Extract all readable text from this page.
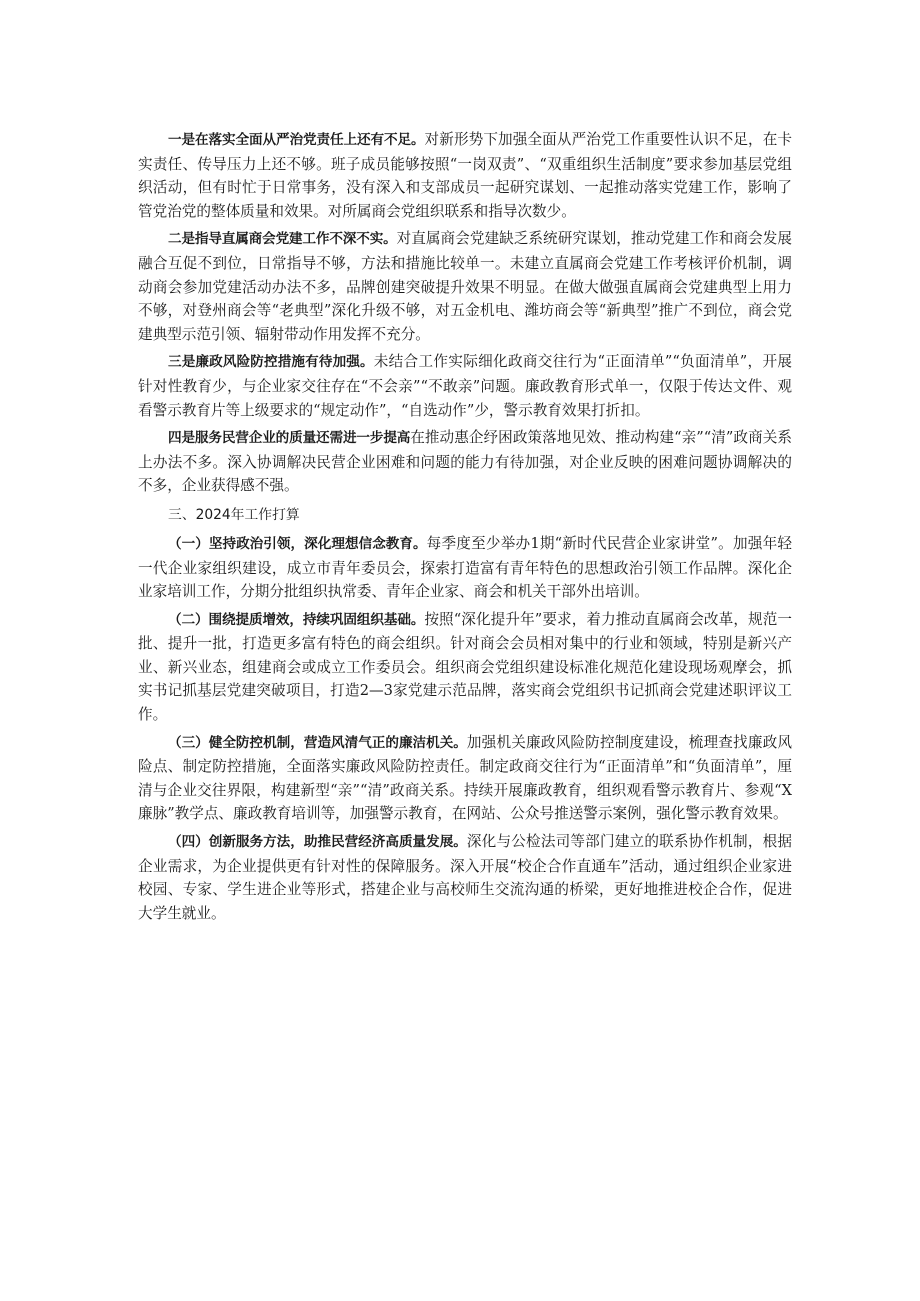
一是在落实全面从严治党责任上还有不足。对新形势下加强全面从严治党工作重要性认识不足，在卡实责任、传导压力上还不够。班子成员能够按照“一岗双责”、“双重组织生活制度”要求参加基层党组织活动，但有时忙于日常事务，没有深入和支部成员一起研究谋划、一起推动落实党建工作，影响了管党治党的整体质量和效果。对所属商会党组织联系和指导次数少。

二是指导直属商会党建工作不深不实。对直属商会党建缺乏系统研究谋划，推动党建工作和商会发展融合互促不到位，日常指导不够，方法和措施比较单一。未建立直属商会党建工作考核评价机制，调动商会参加党建活动办法不多，品牌创建突破提升效果不明显。在做大做强直属商会党建典型上用力不够，对登州商会等“老典型”深化升级不够，对五金机电、潍坊商会等“新典型”推广不到位，商会党建典型示范引领、辐射带动作用发挥不充分。

三是廉政风险防控措施有待加强。未结合工作实际细化政商交往行为“正面清单”“负面清单”，开展针对性教育少，与企业家交往存在“不会亲”“不敢亲”问题。廉政教育形式单一，仅限于传达文件、观看警示教育片等上级要求的“规定动作”，“自选动作”少，警示教育效果打折扣。

四是服务民营企业的质量还需进一步提高在推动惠企纾困政策落地见效、推动构建“亲”“清”政商关系上办法不多。深入协调解决民营企业困难和问题的能力有待加强，对企业反映的困难问题协调解决的不多，企业获得感不强。

三、2024年工作打算

（一）坚持政治引领，深化理想信念教育。每季度至少举办1期“新时代民营企业家讲堂”。加强年轻一代企业家组织建设，成立市青年委员会，探索打造富有青年特色的思想政治引领工作品牌。深化企业家培训工作，分期分批组织执常委、青年企业家、商会和机关干部外出培训。

（二）围绕提质增效，持续巩固组织基础。按照“深化提升年”要求，着力推动直属商会改革，规范一批、提升一批，打造更多富有特色的商会组织。针对商会会员相对集中的行业和领域，特别是新兴产业、新兴业态，组建商会或成立工作委员会。组织商会党组织建设标准化规范化建设现场观摩会，抓实书记抓基层党建突破项目，打造2—3家党建示范品牌，落实商会党组织书记抓商会党建述职评议工作。

（三）健全防控机制，营造风清气正的廉洁机关。加强机关廉政风险防控制度建设，梳理查找廉政风险点、制定防控措施，全面落实廉政风险防控责任。制定政商交往行为“正面清单”和“负面清单”，厘清与企业交往界限，构建新型“亲”“清”政商关系。持续开展廉政教育，组织观看警示教育片、参观“X廉脉”教学点、廉政教育培训等，加强警示教育，在网站、公众号推送警示案例，强化警示教育效果。

（四）创新服务方法，助推民营经济高质量发展。深化与公检法司等部门建立的联系协作机制，根据企业需求，为企业提供更有针对性的保障服务。深入开展“校企合作直通车”活动，通过组织企业家进校园、专家、学生进企业等形式，搭建企业与高校师生交流沟通的桥梁，更好地推进校企合作，促进大学生就业。
